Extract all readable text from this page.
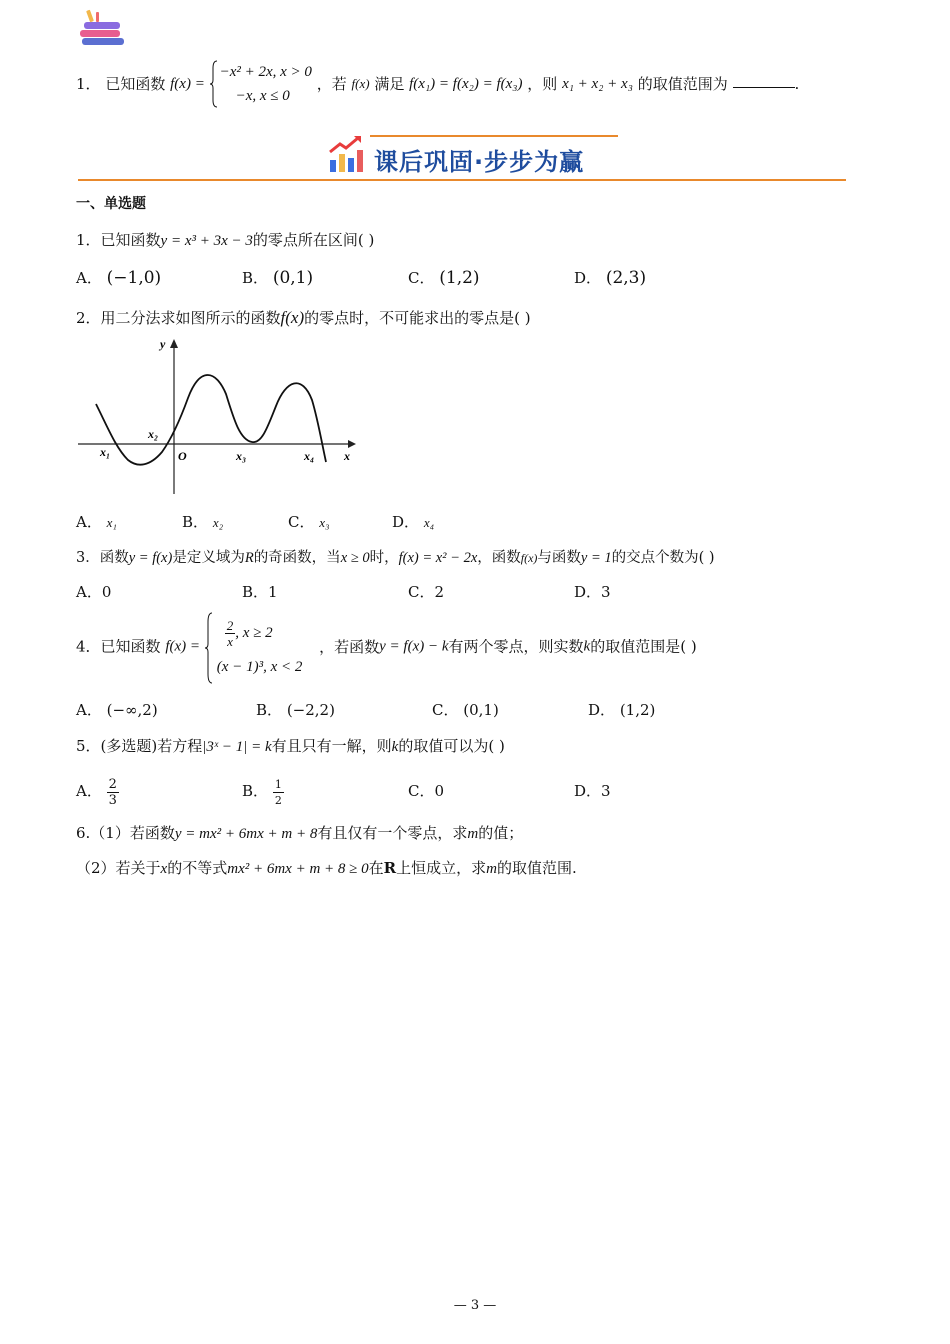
1． 已知函数 f(x) =
−x² + 2x, x > 0
−x, x ≤ 0
，若 f(x) 满足 f(x₁) = f(x₂) = f(x₃) ，则 x₁ + x₂ + x₃ 的取值范围为	.
课后巩固·步步为赢
一、单选题
1．已知函数y = x³ + 3x − 3的零点所在区间( )
A． (−1,0)	B． (0,1)	C． (1,2)	D． (2,3)
2．用二分法求如图所示的函数f(x)的零点时，不可能求出的零点是( )
y
x
O
x₁
x₂
x₃	x₄
A． x₁	B． x₂	C． x₃	D． x₄
3．函数y = f(x)是定义域为R的奇函数，当x ≥ 0时，f(x) = x² − 2x，函数f(x)与函数y = 1的交点个数为( )
A．0	B．1	C．2	D．3
4．已知函数 $f(x) = \frac{2}{x}$ , x ≥ 2
(x − 1)³, x < 2
，若函数y = f(x) − k有两个零点，则实数k的取值范围是( )
A． (−∞,2)	B． (−2,2)	C． (0,1)	D． (1,2)
5．(多选题)若方程|3ˣ − 1| = k有且只有一解，则k的取值可以为( )
A． $\frac{2}{3}$	B． $\frac{1}{2}$	C．0	D．3
6.（1）若函数y = mx² + 6mx + m + 8有且仅有一个零点，求m的值；
（2）若关于x的不等式mx² + 6mx + m + 8 ≥ 0在R上恒成立，求m的取值范围.
— 3 —
